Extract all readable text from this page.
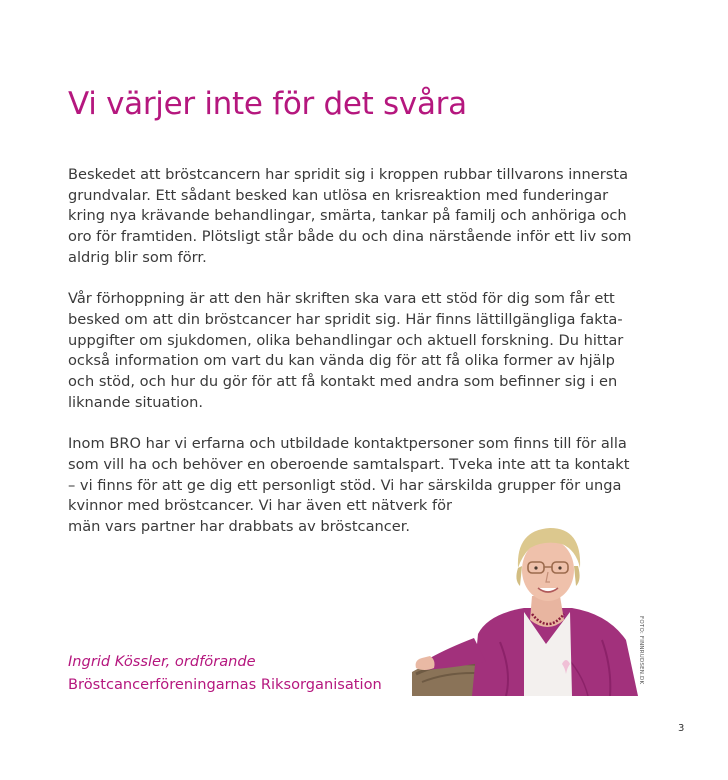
Vi värjer inte för det svåra

Beskedet att bröstcancern har spridit sig i kroppen rubbar tillvarons innersta
grundvalar. Ett sådant besked kan utlösa en krisreaktion med funderingar
kring nya krävande behandlingar, smärta, tankar på familj och anhöriga och
oro för framtiden. Plötsligt står både du och dina närstående inför ett liv som
aldrig blir som förr.

Vår förhoppning är att den här skriften ska vara ett stöd för dig som får ett
besked om att din bröstcancer har spridit sig. Här finns lättillgängliga fakta-
uppgifter om sjukdomen, olika behandlingar och aktuell forskning. Du hittar
också information om vart du kan vända dig för att få olika former av hjälp
och stöd, och hur du gör för att få kontakt med andra som befinner sig i en
liknande situation.

Inom BRO har vi erfarna och utbildade kontaktpersoner som finns till för alla
som vill ha och behöver en oberoende samtalspart. Tveka inte att ta kontakt
– vi finns för att ge dig ett personligt stöd. Vi har särskilda grupper för unga
kvinnor med bröstcancer. Vi har även ett nätverk för
män vars partner har drabbats av bröstcancer.

FOTO: FINNRUDSEN.DK
Ingrid Kössler, ordförande
Bröstcancerföreningarnas Riksorganisation
3
